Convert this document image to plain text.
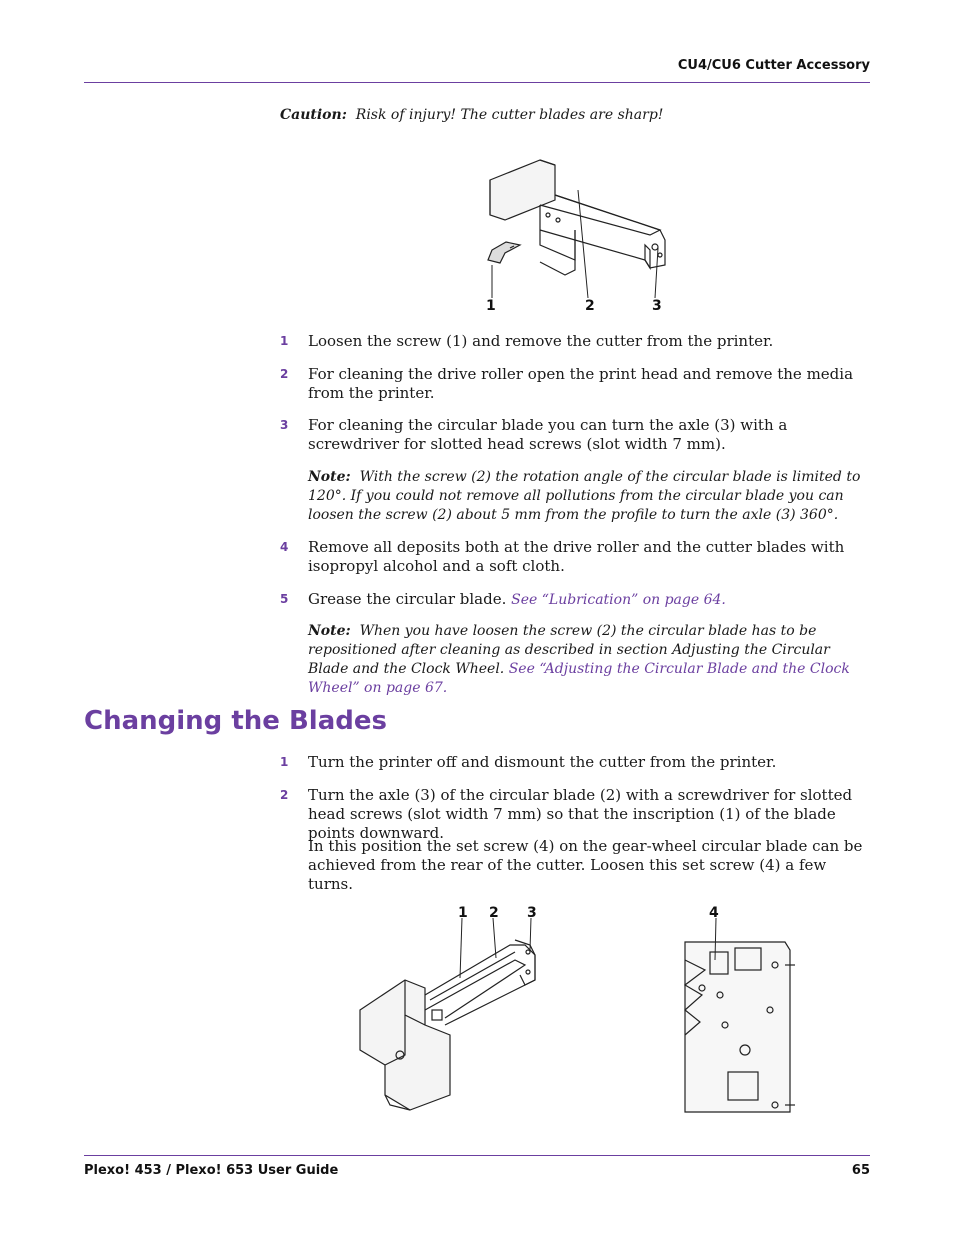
CU4/CU6 Cutter Accessory
Caution: Risk of injury! The cutter blades are sharp!
1	2	3
1 Loosen the screw (1) and remove the cutter from the printer.
2 For cleaning the drive roller open the print head and remove the media from the printer.
3 For cleaning the circular blade you can turn the axle (3) with a screwdriver for slotted head screws (slot width 7 mm).
Note: With the screw (2) the rotation angle of the circular blade is limited to 120°. If you could not remove all pollutions from the circular blade you can loosen the screw (2) about 5 mm from the profile to turn the axle (3) 360°.
4 Remove all deposits both at the drive roller and the cutter blades with isopropyl alcohol and a soft cloth.
5 Grease the circular blade. See “Lubrication” on page 64.
Note: When you have loosen the screw (2) the circular blade has to be repositioned after cleaning as described in section Adjusting the Circular Blade and the Clock Wheel. See “Adjusting the Circular Blade and the Clock Wheel” on page 67.
Changing the Blades
1 Turn the printer off and dismount the cutter from the printer.
2 Turn the axle (3) of the circular blade (2) with a screwdriver for slotted head screws (slot width 7 mm) so that the inscription (1) of the blade points downward.
In this position the set screw (4) on the gear-wheel circular blade can be achieved from the rear of the cutter. Loosen this set screw (4) a few turns.
1 2 3	4
Plexo! 453 / Plexo! 653 User Guide	65
